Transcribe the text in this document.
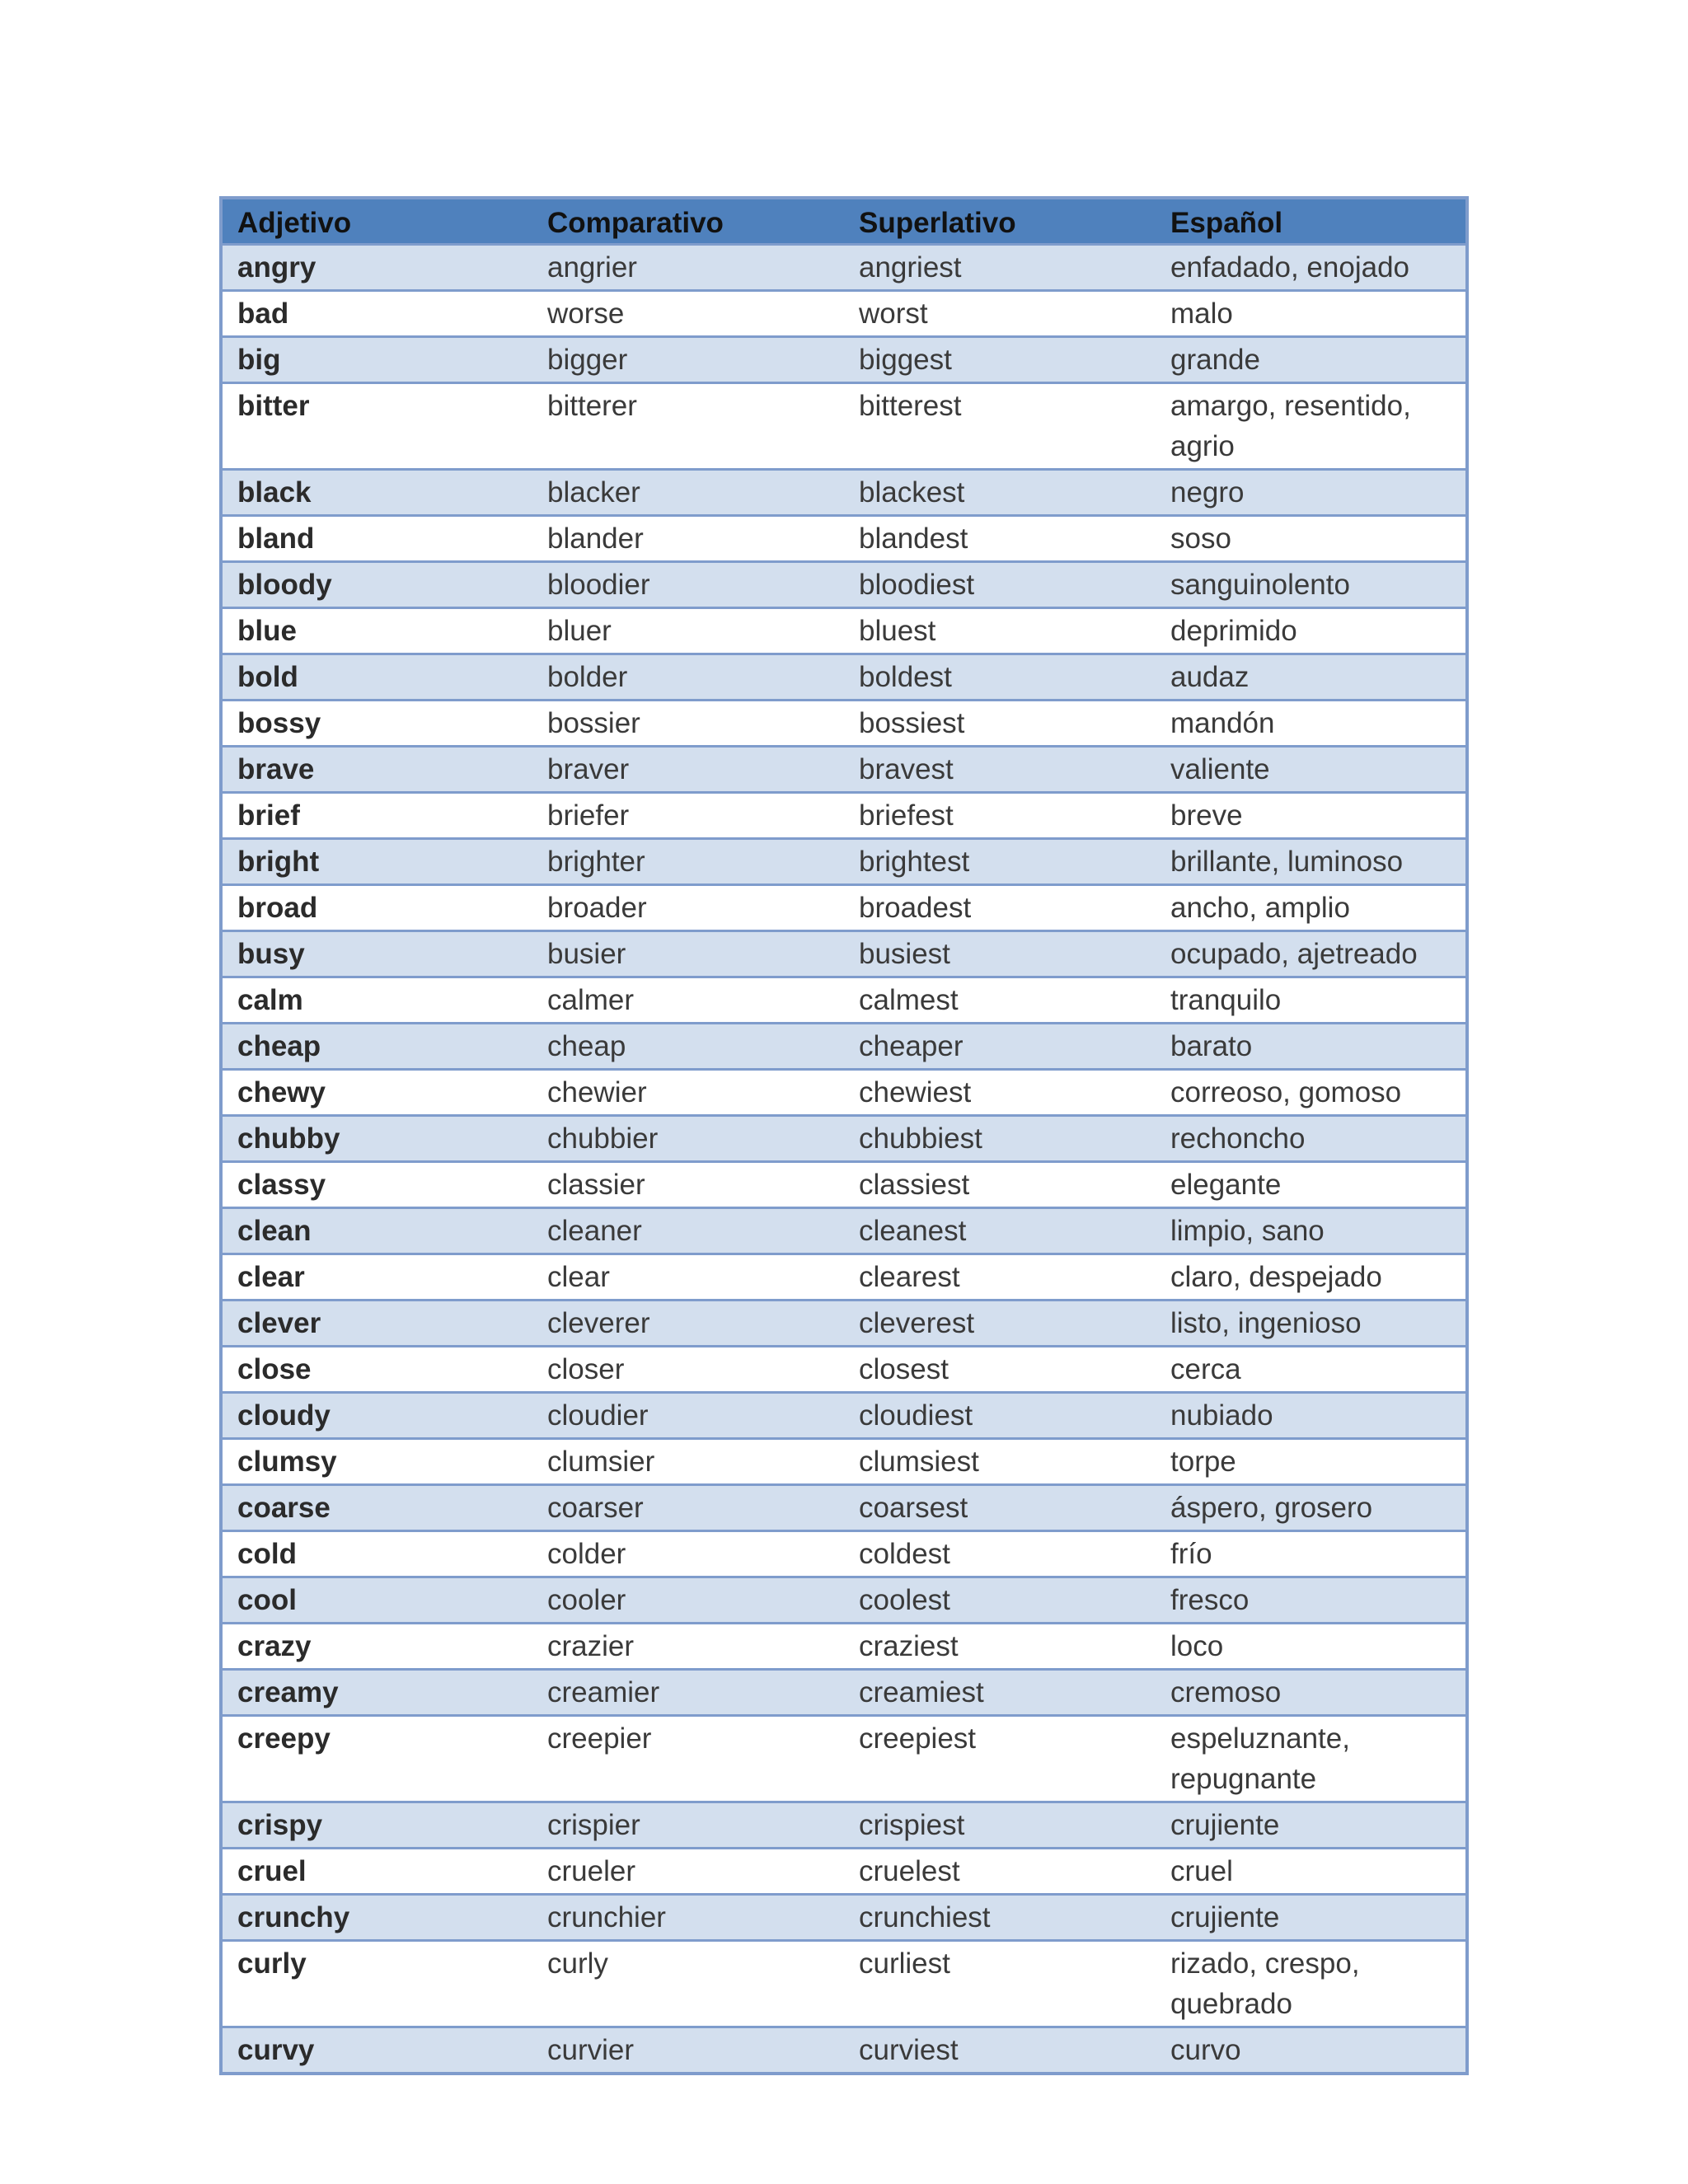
Adjetivo	Comparativo	Superlativo	Español
angry	angrier	angriest	enfadado, enojado
bad	worse	worst	malo
big	bigger	biggest	grande
bitter	bitterer	bitterest	amargo, resentido, agrio
black	blacker	blackest	negro
bland	blander	blandest	soso
bloody	bloodier	bloodiest	sanguinolento
blue	bluer	bluest	deprimido
bold	bolder	boldest	audaz
bossy	bossier	bossiest	mandón
brave	braver	bravest	valiente
brief	briefer	briefest	breve
bright	brighter	brightest	brillante, luminoso
broad	broader	broadest	ancho, amplio
busy	busier	busiest	ocupado, ajetreado
calm	calmer	calmest	tranquilo
cheap	cheap	cheaper	barato
chewy	chewier	chewiest	correoso, gomoso
chubby	chubbier	chubbiest	rechoncho
classy	classier	classiest	elegante
clean	cleaner	cleanest	limpio, sano
clear	clear	clearest	claro, despejado
clever	cleverer	cleverest	listo, ingenioso
close	closer	closest	cerca
cloudy	cloudier	cloudiest	nubiado
clumsy	clumsier	clumsiest	torpe
coarse	coarser	coarsest	áspero, grosero
cold	colder	coldest	frío
cool	cooler	coolest	fresco
crazy	crazier	craziest	loco
creamy	creamier	creamiest	cremoso
creepy	creepier	creepiest	espeluznante, repugnante
crispy	crispier	crispiest	crujiente
cruel	crueler	cruelest	cruel
crunchy	crunchier	crunchiest	crujiente
curly	curly	curliest	rizado, crespo, quebrado
curvy	curvier	curviest	curvo
